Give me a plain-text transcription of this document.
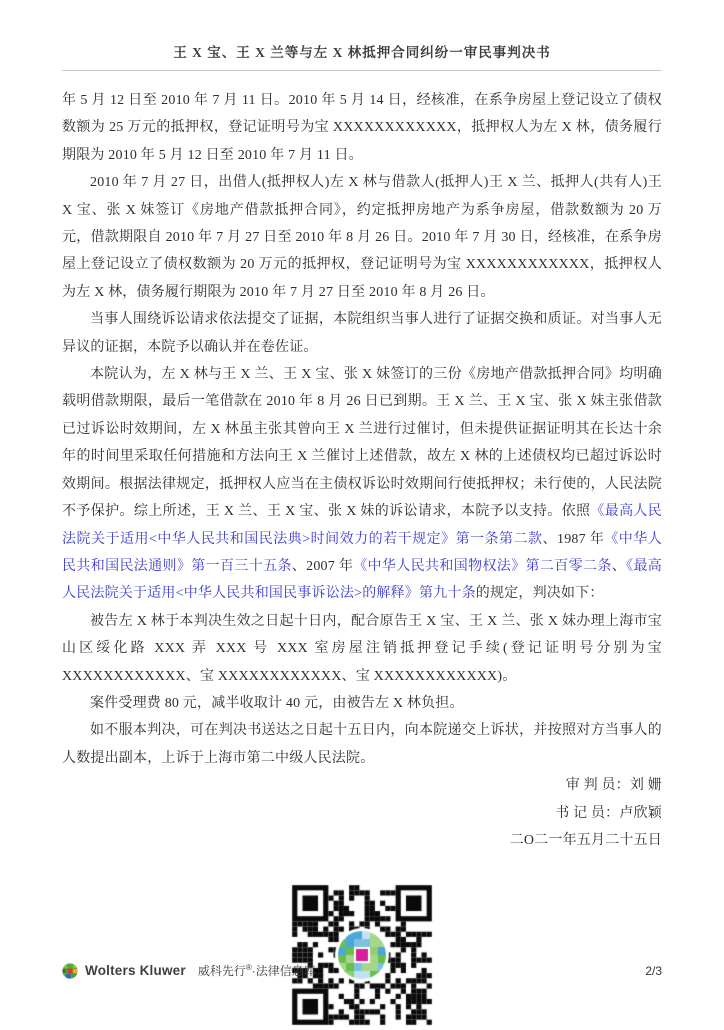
王 X 宝、王 X 兰等与左 X 林抵押合同纠纷一审民事判决书

年 5 月 12 日至 2010 年 7 月 11 日。2010 年 5 月 14 日，经核准，在系争房屋上登记设立了债权数额为 25 万元的抵押权，登记证明号为宝 XXXXXXXXXXXX，抵押权人为左 X 林，债务履行期限为 2010 年 5 月 12 日至 2010 年 7 月 11 日。

2010 年 7 月 27 日，出借人(抵押权人)左 X 林与借款人(抵押人)王 X 兰、抵押人(共有人)王 X 宝、张 X 妹签订《房地产借款抵押合同》，约定抵押房地产为系争房屋，借款数额为 20 万元，借款期限自 2010 年 7 月 27 日至 2010 年 8 月 26 日。2010 年 7 月 30 日，经核准，在系争房屋上登记设立了债权数额为 20 万元的抵押权，登记证明号为宝 XXXXXXXXXXXX，抵押权人为左 X 林，债务履行期限为 2010 年 7 月 27 日至 2010 年 8 月 26 日。

当事人围绕诉讼请求依法提交了证据，本院组织当事人进行了证据交换和质证。对当事人无异议的证据，本院予以确认并在卷佐证。

本院认为，左 X 林与王 X 兰、王 X 宝、张 X 妹签订的三份《房地产借款抵押合同》均明确载明借款期限，最后一笔借款在 2010 年 8 月 26 日已到期。王 X 兰、王 X 宝、张 X 妹主张借款已过诉讼时效期间，左 X 林虽主张其曾向王 X 兰进行过催讨，但未提供证据证明其在长达十余年的时间里采取任何措施和方法向王 X 兰催讨上述借款，故左 X 林的上述债权均已超过诉讼时效期间。根据法律规定，抵押权人应当在主债权诉讼时效期间行使抵押权；未行使的，人民法院不予保护。综上所述，王 X 兰、王 X 宝、张 X 妹的诉讼请求，本院予以支持。依照《最高人民法院关于适用<中华人民共和国民法典>时间效力的若干规定》第一条第二款、1987 年《中华人民共和国民法通则》第一百三十五条、2007 年《中华人民共和国物权法》第二百零二条、《最高人民法院关于适用<中华人民共和国民事诉讼法>的解释》第九十条的规定，判决如下：

被告左 X 林于本判决生效之日起十日内，配合原告王 X 宝、王 X 兰、张 X 妹办理上海市宝山区绥化路 XXX 弄 XXX 号 XXX 室房屋注销抵押登记手续(登记证明号分别为宝 XXXXXXXXXXXX、宝 XXXXXXXXXXXX、宝 XXXXXXXXXXXX)。

案件受理费 80 元，减半收取计 40 元，由被告左 X 林负担。

如不服本判决，可在判决书送达之日起十五日内，向本院递交上诉状，并按照对方当事人的人数提出副本，上诉于上海市第二中级人民法院。

审 判 员：刘 姗
书 记 员：卢欣颖
二O二一年五月二十五日
Wolters Kluwer 威科先行®·法律信息库	2/3
